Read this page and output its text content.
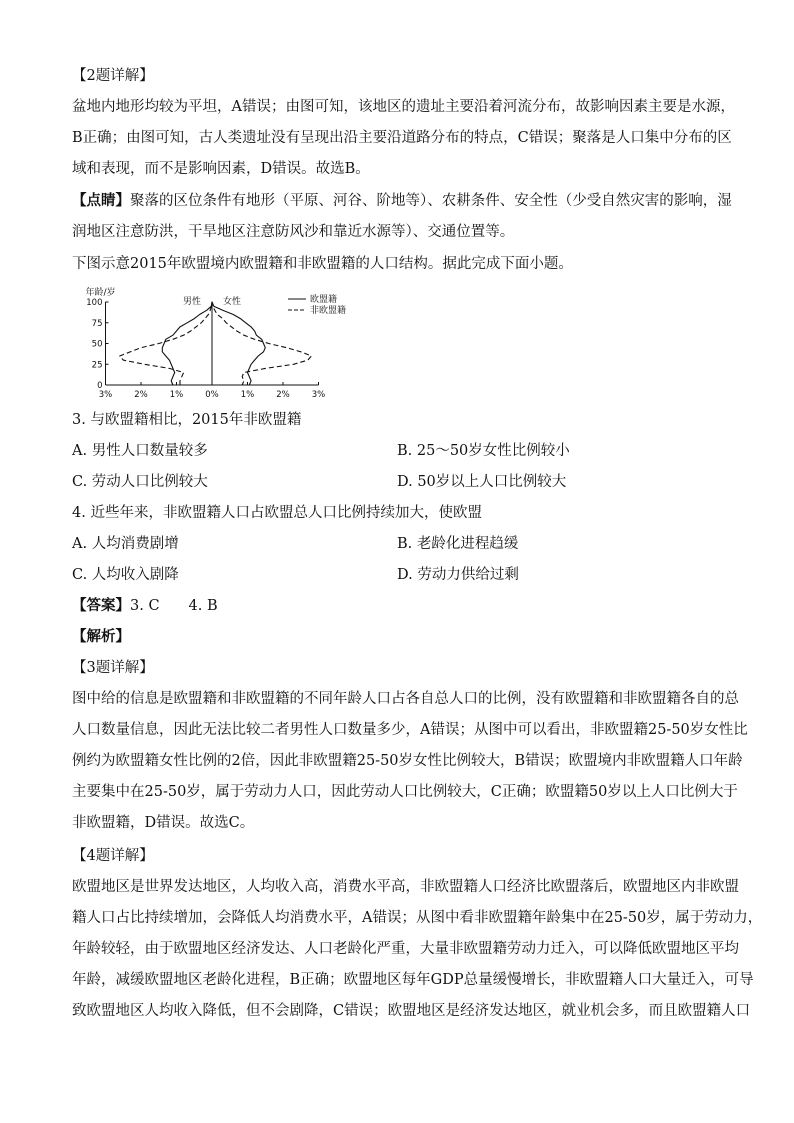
【2题详解】
盆地内地形均较为平坦，A错误；由图可知，该地区的遗址主要沿着河流分布，故影响因素主要是水源，
B正确；由图可知，古人类遗址没有呈现出沿主要沿道路分布的特点，C错误；聚落是人口集中分布的区
域和表现，而不是影响因素，D错误。故选B。
【点睛】聚落的区位条件有地形（平原、河谷、阶地等）、农耕条件、安全性（少受自然灾害的影响，湿
润地区注意防洪，干旱地区注意防风沙和靠近水源等）、交通位置等。
下图示意2015年欧盟境内欧盟籍和非欧盟籍的人口结构。据此完成下面小题。
100
75
50
25
0
年龄/岁
3%	2%	1%	0%	1%	2%	3%
男性 女性	欧盟籍
非欧盟籍
3. 与欧盟籍相比，2015年非欧盟籍
A. 男性人口数量较多	B. 25～50岁女性比例较小
C. 劳动人口比例较大	D. 50岁以上人口比例较大
4. 近些年来，非欧盟籍人口占欧盟总人口比例持续加大，使欧盟
A. 人均消费剧增	B. 老龄化进程趋缓
C. 人均收入剧降	D. 劳动力供给过剩
【答案】3. C　　4. B
【解析】
【3题详解】
图中给的信息是欧盟籍和非欧盟籍的不同年龄人口占各自总人口的比例，没有欧盟籍和非欧盟籍各自的总
人口数量信息，因此无法比较二者男性人口数量多少，A错误；从图中可以看出，非欧盟籍25-50岁女性比
例约为欧盟籍女性比例的2倍，因此非欧盟籍25-50岁女性比例较大，B错误；欧盟境内非欧盟籍人口年龄
主要集中在25-50岁，属于劳动力人口，因此劳动人口比例较大，C正确；欧盟籍50岁以上人口比例大于
非欧盟籍，D错误。故选C。
【4题详解】
欧盟地区是世界发达地区，人均收入高，消费水平高，非欧盟籍人口经济比欧盟落后，欧盟地区内非欧盟
籍人口占比持续增加，会降低人均消费水平，A错误；从图中看非欧盟籍年龄集中在25-50岁，属于劳动力，
年龄较轻，由于欧盟地区经济发达、人口老龄化严重，大量非欧盟籍劳动力迁入，可以降低欧盟地区平均
年龄，减缓欧盟地区老龄化进程，B正确；欧盟地区每年GDP总量缓慢增长，非欧盟籍人口大量迁入，可导
致欧盟地区人均收入降低，但不会剧降，C错误；欧盟地区是经济发达地区，就业机会多，而且欧盟籍人口
